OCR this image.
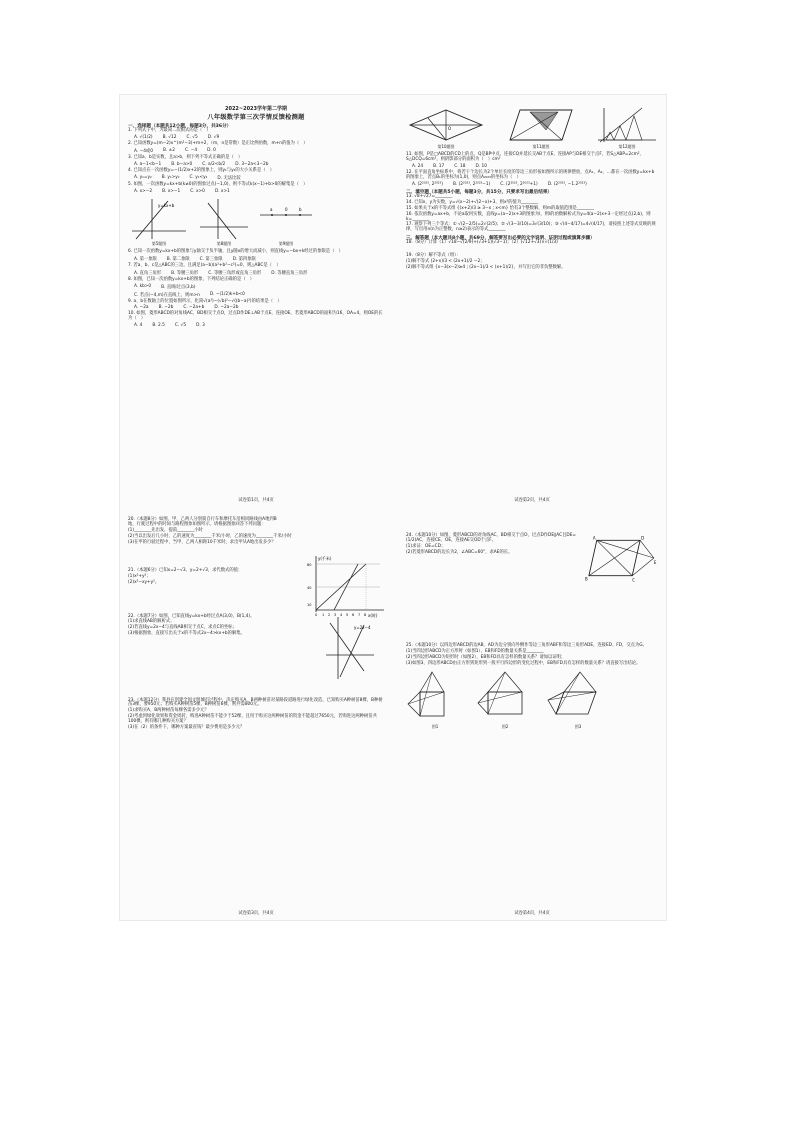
2022~2023学年第二学期
八年级数学第三次学情反馈检测题
一、选择题（本题共12小题，每题3分，共36分）
1. 下列式子中，为最简二次根式的是（　）
A. √(1/2) B. √12 C. √5 D. √9
2. 已知函数y=(m−2)x^(m²−3)+m+2，（m，n是常数）是正比例函数，m+n的值为（　）
A. −4或0 B. ±2 C. −4 D. 0
3. 已知a、b是实数，且a>b，则下列不等式正确的是（　）
A. a−1<b−1 B. b−a>0 C. a/2<b/2 D. 3−2a<3−2b
4. 已知点在一次函数y=−(1/2)x+2的图象上，则y₁与y₂的大小关系是（　）
A. y₁=y₂ B. y₁>y₂ C. y₁<y₂ D. 无法比较
5. 如图，一次函数y=kx+b(k≠0)的图象过点(−1,0)，则不等式k(x−1)+b>0的解集是（　）
A. x>−2 B. x>−1 C. x>0 D. x>1
y=kx+b
第5题图	第8题图
a	0	b
第9题图
6. 已知一次函数y=kx+b的图象与y轴交于负半轴，且y随x的增大而减小，则直线y=−bx+k经过的象限是（　）
A. 第一象限 B. 第二象限 C. 第三象限 D. 第四象限
7. 若a、b、c是△ABC的三边，且满足(a−b)(a²+b²−c²)=0，则△ABC是（　）
A. 直角三角形 B. 等腰三角形 C. 等腰三角形或直角三角形 D. 等腰直角三角形
8. 如图，已知一次函数y=kx+b的图象，下列结论正确的是（　）
A. kb>0 B. 直线l过点(3,b)
C. 若点(−4,m)在直线上，则m>n D. −(1/2)k+b<0
9. a、b在数轴上的位置如图所示，化简√(a²)−(√b)²−√((b−a)²)的结果是（　）
A. −2a B. −2b C. −2a+b D. −2a−2b
10. 如图，菱形ABCD的对角线AC，BD相交于点O，过点D作DE⊥AB于点E，连接OE，若菱形ABCD的面积为16，OA=4，则OE的长为（　）
A. 4 B. 2.5 C. √5 D. 3
试卷第1页，共4页
O
第10题图	第11题图	第12题图
11. 如图，P是□ABCD的CD上的点，Q是BP中点，连接CQ并延长交AB于点E，连接AP与DE相交于点F，若S△ABP=2cm²，S△DCQ=6cm²，则阴影部分的面积为（　）cm²
A. 24 B. 17 C. 18 D. 10
12. 在平面直角坐标系中，将若干个边长为2个单位长度的等边三角形按如图所示的规律摆放，点A₁，A₂，…都在一次函数y=kx+b的图象上，若点B₁的坐标为(1,0)，则点A₂₀₂₃的坐标为（　）
A. (2²⁰²³, 2²⁰²³) B. (2²⁰²³, 2²⁰²³−1) C. (2²⁰²³, 2²⁰²³+1) D. (2²⁰²³, −1.2²⁰²³)
二、填空题（本题共5小题，每题3分，共15分，只要求写出最后结果）
13. √8+√27=________
14. 已知x，y为实数，y=√(x−2)+√(2−x)+3，则x²的值为________
15. 如果关于x的不等式组 {(x+2)/3 ≥ 3−x ; x<m} 恰有3个整数解，则m的取值范围是________
16. 依次函数y=ax+b，不论a取何实数，直线y=(a−2)x+3的图象为l，则l的函数解析式为y=4(a−2)x+3一定经过点(2,b)，则k=________
17. 观察下列三个等式：① √(2−2/5)=2√(2/5)；② √(3−3/10)=3√(3/10)；③ √(4−4/17)=4√(4/17)，请按照上述等式反映的规律，写出用n(n为正整数，n≥2)表示的等式________
三、解答题（本大题共8小题，共69分，解答要写出必要的文字说明、证明过程或演算步骤）
18.（8分）计算（1）√18−√(2/9)+(√3+1)(√3−1)；（2）(√12+√3)×√(1/3)
19.（8分）解不等式（组）：
(1)解不等式 (2+x)/3 < (2x+1)/2 −2；
(2)解不等式组 {x−3(x−2)≥4 ; (2x−1)/3 < (x+1)/2}，并写出它的非负整数解。
试卷第2页，共4页
20.（本题8分）如图，甲、乙两人分别骑自行车和摩托车沿相同路线由A地到B地，行驶过程中的时间与路程图象如图所示，请根据图象回答下列问题：
(1)________先出发，提前________小时
(2)当以出发后几小时，乙的速度为________千米/小时，乙的速度为________千米/小时
(3)在甲的行驶过程中，当甲、乙两人相距10千米时，求出甲从A地出发多少？
y(千米)
x(时)
80
40
10
0 1 2 3 4 5 6 7 8
21.（本题6分）已知x=2−√3，y=2+√3，求代数式的值：
(1)x²+y²；
(2)x²−xy+y²。
22.（本题7分）如图，已知直线y=kx+b经过点A(3,0)，B(1,4)。
(1)求直线AB的解析式；
(2)若直线y=2x−4与直线AB相交于点C，求点C的坐标；
(3)根据图象，直接写出关于x的不等式2x−4>kx+b的解集。
y=2x−4
23.（本题12分）我县在创建全国文明城市过程中，决定购买A、B两种树苗对某路段道路进行绿化改造，已知购买A种树苗8棵，B种树苗3棵，要950元；若购买A种树苗5棵，B种树苗6棵，则共需800元。
(1)求购买A、B两种树苗每棵各需多少元？
(2)考虑到绿化效果和资金周转，购进A种树苗不能少于52棵，且用于购买这两种树苗的资金不能超过7650元，若购进这两种树苗共100棵，则有哪几种购买方案？
(3)在（2）的条件下，哪种方案最省钱？最少费用是多少元？
试卷第3页，共4页
24.（本题10分）如图，菱形ABCD的对角线AC，BD相交于点O，过点D作DE∥AC且DE=(1/2)AC，连接CE、OE，连接AE交OD于点F。
(1)求证：OE=CD；
(2)若菱形ABCD的边长为2，∠ABC=60°，求AE的长。
A	D
B	C
E
25.（本题10分）以四边形ABCD的边AB、AD为边分别向外侧作等边三角形ABF和等边三角形ADE，连接ED、FD，交点为G。
(1)当四边形ABCD为正方形时（如图1），EB和FD的数量关系是________
(2)当四边形ABCD为矩形时（如图2），EB和FD具有怎样的数量关系？请加以证明；
(3)如图3，四边形ABCD由正方形到矩形到一般平行四边形的变化过程中，EB和FD具有怎样的数量关系？请直接写出结论。
图1	图2	图3
试卷第4页，共4页
